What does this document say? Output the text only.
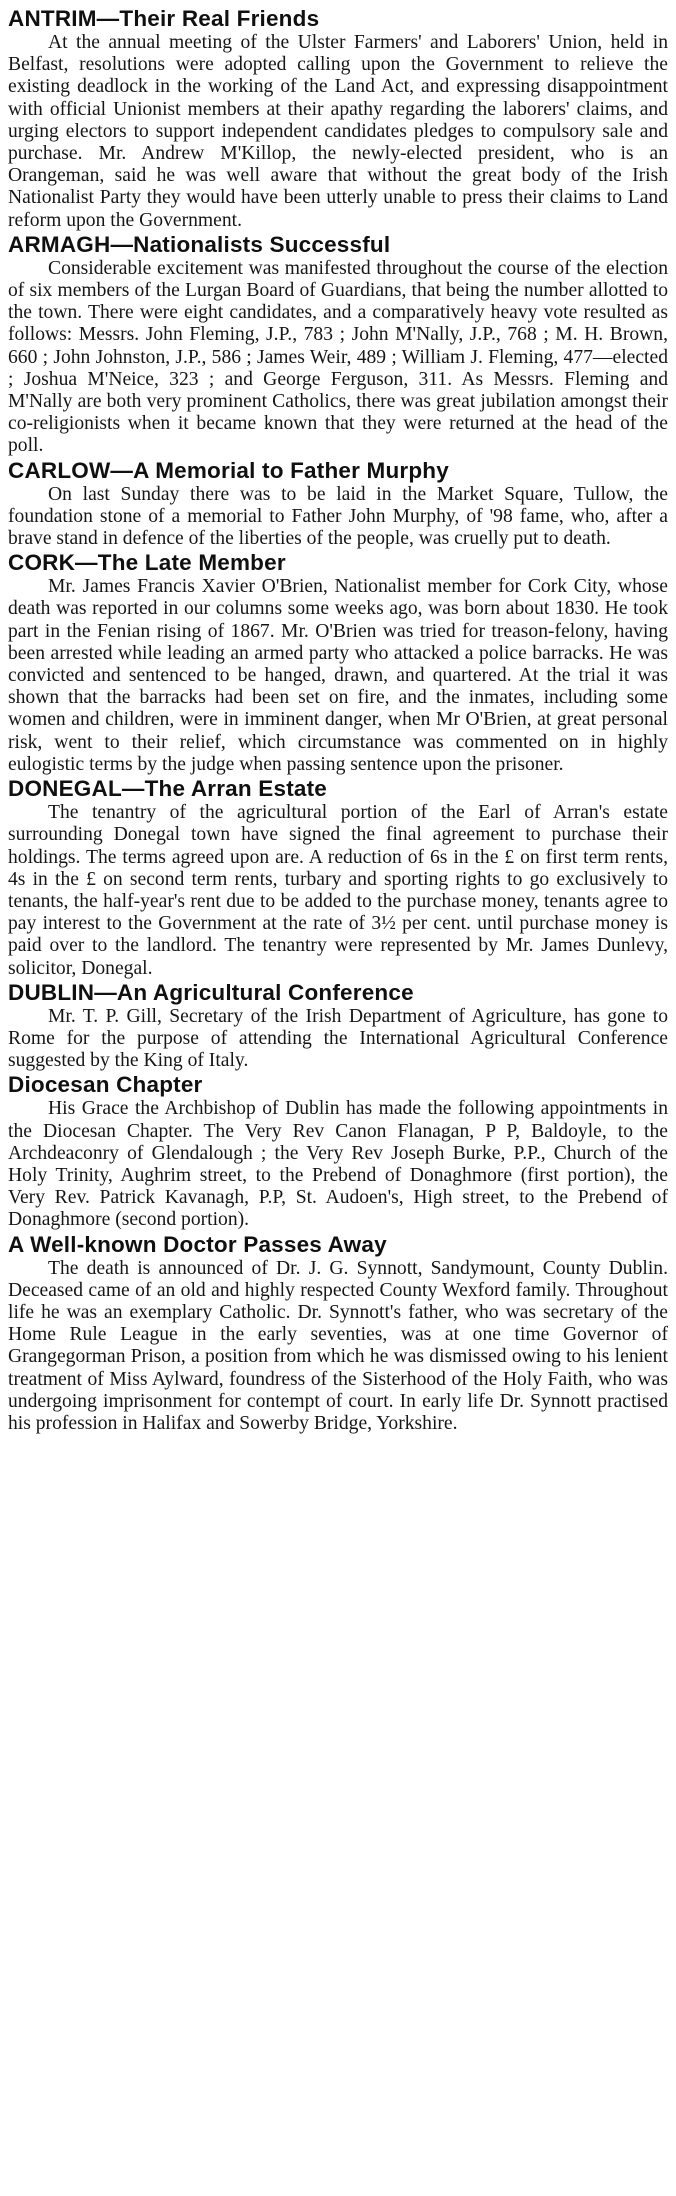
ANTRIM—Their Real Friends

At the annual meeting of the Ulster Farmers' and Laborers' Union, held in Belfast, resolutions were adopted calling upon the Government to relieve the existing deadlock in the working of the Land Act, and expressing disappointment with official Unionist members at their apathy regarding the laborers' claims, and urging electors to support independent candidates pledges to compulsory sale and purchase. Mr. Andrew M'Killop, the newly-elected president, who is an Orangeman, said he was well aware that without the great body of the Irish Nationalist Party they would have been utterly unable to press their claims to Land reform upon the Government.

ARMAGH—Nationalists Successful

Considerable excitement was manifested throughout the course of the election of six members of the Lurgan Board of Guardians, that being the number allotted to the town. There were eight candidates, and a comparatively heavy vote resulted as follows: Messrs. John Fleming, J.P., 783 ; John M'Nally, J.P., 768 ; M. H. Brown, 660 ; John Johnston, J.P., 586 ; James Weir, 489 ; William J. Fleming, 477—elected ; Joshua M'Neice, 323 ; and George Ferguson, 311. As Messrs. Fleming and M'Nally are both very prominent Catholics, there was great jubilation amongst their co-religionists when it became known that they were returned at the head of the poll.

CARLOW—A Memorial to Father Murphy

On last Sunday there was to be laid in the Market Square, Tullow, the foundation stone of a memorial to Father John Murphy, of '98 fame, who, after a brave stand in defence of the liberties of the people, was cruelly put to death.

CORK—The Late Member

Mr. James Francis Xavier O'Brien, Nationalist member for Cork City, whose death was reported in our columns some weeks ago, was born about 1830. He took part in the Fenian rising of 1867. Mr. O'Brien was tried for treason-felony, having been arrested while leading an armed party who attacked a police barracks. He was convicted and sentenced to be hanged, drawn, and quartered. At the trial it was shown that the barracks had been set on fire, and the inmates, including some women and children, were in imminent danger, when Mr O'Brien, at great personal risk, went to their relief, which circumstance was commented on in highly eulogistic terms by the judge when passing sentence upon the prisoner.

DONEGAL—The Arran Estate

The tenantry of the agricultural portion of the Earl of Arran's estate surrounding Donegal town have signed the final agreement to purchase their holdings. The terms agreed upon are. A reduction of 6s in the £ on first term rents, 4s in the £ on second term rents, turbary and sporting rights to go exclusively to tenants, the half-year's rent due to be added to the purchase money, tenants agree to pay interest to the Government at the rate of 3½ per cent. until purchase money is paid over to the landlord. The tenantry were represented by Mr. James Dunlevy, solicitor, Donegal.

DUBLIN—An Agricultural Conference

Mr. T. P. Gill, Secretary of the Irish Department of Agriculture, has gone to Rome for the purpose of attending the International Agricultural Conference suggested by the King of Italy.

Diocesan Chapter

His Grace the Archbishop of Dublin has made the following appointments in the Diocesan Chapter. The Very Rev Canon Flanagan, P P, Baldoyle, to the Archdeaconry of Glendalough ; the Very Rev Joseph Burke, P.P., Church of the Holy Trinity, Aughrim street, to the Prebend of Donaghmore (first portion), the Very Rev. Patrick Kavanagh, P.P, St. Audoen's, High street, to the Prebend of Donaghmore (second portion).

A Well-known Doctor Passes Away

The death is announced of Dr. J. G. Synnott, Sandymount, County Dublin. Deceased came of an old and highly respected County Wexford family. Throughout life he was an exemplary Catholic. Dr. Synnott's father, who was secretary of the Home Rule League in the early seventies, was at one time Governor of Grangegorman Prison, a position from which he was dismissed owing to his lenient treatment of Miss Aylward, foundress of the Sisterhood of the Holy Faith, who was undergoing imprisonment for contempt of court. In early life Dr. Synnott practised his profession in Halifax and Sowerby Bridge, Yorkshire.
